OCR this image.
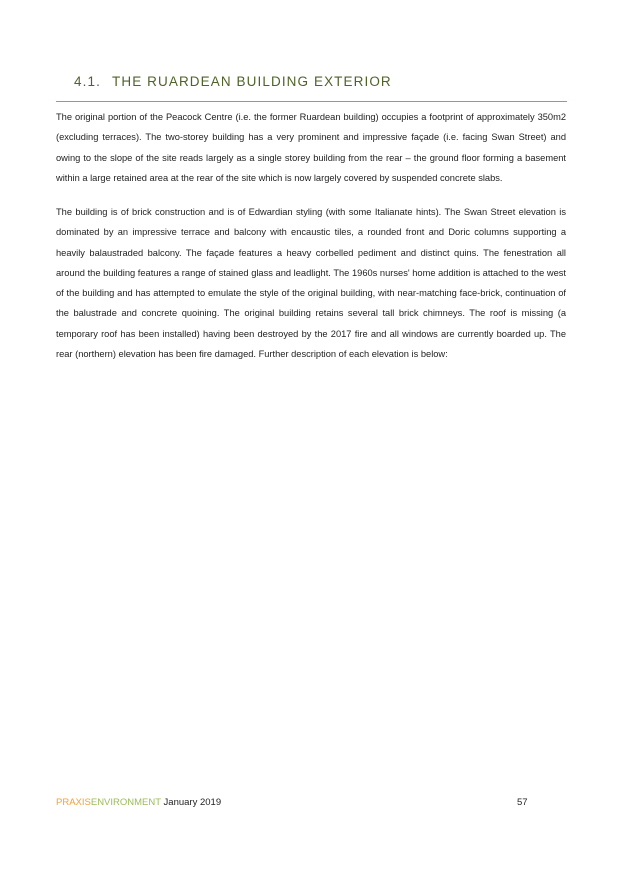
4.1. THE RUARDEAN BUILDING EXTERIOR

The original portion of the Peacock Centre (i.e. the former Ruardean building) occupies a footprint of approximately 350m2 (excluding terraces). The two-storey building has a very prominent and impressive façade (i.e. facing Swan Street) and owing to the slope of the site reads largely as a single storey building from the rear – the ground floor forming a basement within a large retained area at the rear of the site which is now largely covered by suspended concrete slabs.

The building is of brick construction and is of Edwardian styling (with some Italianate hints). The Swan Street elevation is dominated by an impressive terrace and balcony with encaustic tiles, a rounded front and Doric columns supporting a heavily balaustraded balcony. The façade features a heavy corbelled pediment and distinct quins. The fenestration all around the building features a range of stained glass and leadlight. The 1960s nurses' home addition is attached to the west of the building and has attempted to emulate the style of the original building, with near-matching face-brick, continuation of the balustrade and concrete quoining. The original building retains several tall brick chimneys. The roof is missing (a temporary roof has been installed) having been destroyed by the 2017 fire and all windows are currently boarded up. The rear (northern) elevation has been fire damaged. Further description of each elevation is below:

PRAXISENVIRONMENT January 2019	57
